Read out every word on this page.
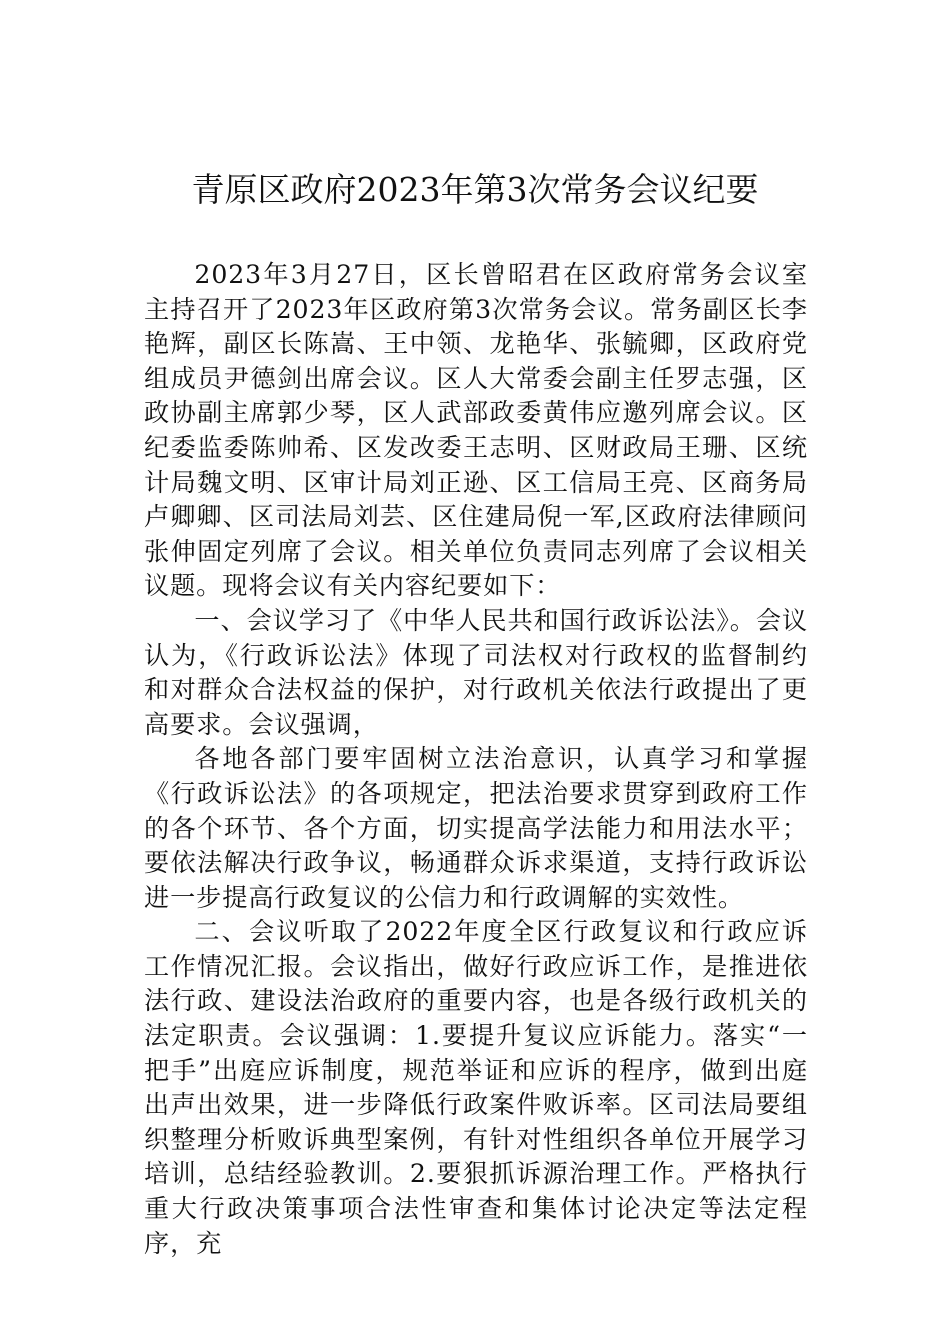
青原区政府2023年第3次常务会议纪要

2023年3月27日，区长曾昭君在区政府常务会议室主持召开了2023年区政府第3次常务会议。常务副区长李艳辉，副区长陈嵩、王中领、龙艳华、张毓卿，区政府党组成员尹德剑出席会议。区人大常委会副主任罗志强，区政协副主席郭少琴，区人武部政委黄伟应邀列席会议。区纪委监委陈帅希、区发改委王志明、区财政局王珊、区统计局魏文明、区审计局刘正逊、区工信局王亮、区商务局卢卿卿、区司法局刘芸、区住建局倪一军,区政府法律顾问张伸固定列席了会议。相关单位负责同志列席了会议相关议题。现将会议有关内容纪要如下：

一、会议学习了《中华人民共和国行政诉讼法》。会议认为，《行政诉讼法》体现了司法权对行政权的监督制约和对群众合法权益的保护，对行政机关依法行政提出了更高要求。会议强调，

各地各部门要牢固树立法治意识，认真学习和掌握《行政诉讼法》的各项规定，把法治要求贯穿到政府工作的各个环节、各个方面，切实提高学法能力和用法水平；要依法解决行政争议，畅通群众诉求渠道，支持行政诉讼进一步提高行政复议的公信力和行政调解的实效性。

二、会议听取了2022年度全区行政复议和行政应诉工作情况汇报。会议指出，做好行政应诉工作，是推进依法行政、建设法治政府的重要内容，也是各级行政机关的法定职责。会议强调：1.要提升复议应诉能力。落实“一把手”出庭应诉制度，规范举证和应诉的程序，做到出庭出声出效果，进一步降低行政案件败诉率。区司法局要组织整理分析败诉典型案例，有针对性组织各单位开展学习培训，总结经验教训。2.要狠抓诉源治理工作。严格执行重大行政决策事项合法性审查和集体讨论决定等法定程序，充
